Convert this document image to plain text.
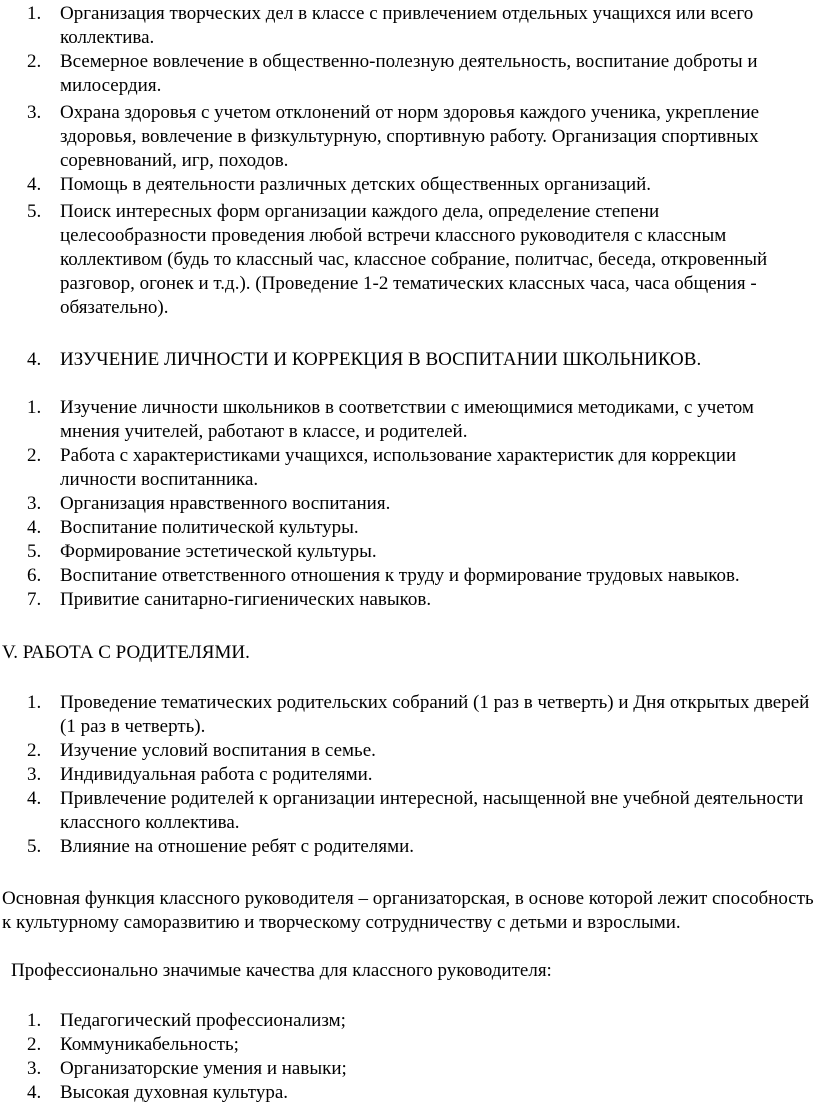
1. Организация творческих дел в классе с привлечением отдельных учащихся или всего коллектива.
2. Всемерное вовлечение в общественно-полезную деятельность, воспитание доброты и милосердия.
3. Охрана здоровья с учетом отклонений от норм здоровья каждого ученика, укрепление здоровья, вовлечение в физкультурную, спортивную работу. Организация спортивных соревнований, игр, походов.
4. Помощь в деятельности различных детских общественных организаций.
5. Поиск интересных форм организации каждого дела, определение степени целесообразности проведения любой встречи классного руководителя с классным коллективом (будь то классный час, классное собрание, политчас, беседа, откровенный разговор, огонек и т.д.). (Проведение 1-2 тематических классных часа, часа общения - обязательно).
4. ИЗУЧЕНИЕ ЛИЧНОСТИ И КОРРЕКЦИЯ В ВОСПИТАНИИ ШКОЛЬНИКОВ.
1. Изучение личности школьников в соответствии с имеющимися методиками, с учетом мнения учителей, работают в классе, и родителей.
2. Работа с характеристиками учащихся, использование характеристик для коррекции личности воспитанника.
3. Организация нравственного воспитания.
4. Воспитание политической культуры.
5. Формирование эстетической культуры.
6. Воспитание ответственного отношения к труду и формирование трудовых навыков.
7. Привитие санитарно-гигиенических навыков.
V. РАБОТА С РОДИТЕЛЯМИ.
1. Проведение тематических родительских собраний (1 раз в четверть) и Дня открытых дверей (1 раз в четверть).
2. Изучение условий воспитания в семье.
3. Индивидуальная работа с родителями.
4. Привлечение родителей к организации интересной, насыщенной вне учебной деятельности классного коллектива.
5. Влияние на отношение ребят с родителями.
Основная функция классного руководителя – организаторская, в основе которой лежит способность к культурному саморазвитию и творческому сотрудничеству с детьми и взрослыми.
Профессионально значимые качества для классного руководителя:
1. Педагогический профессионализм;
2. Коммуникабельность;
3. Организаторские умения и навыки;
4. Высокая духовная культура.
